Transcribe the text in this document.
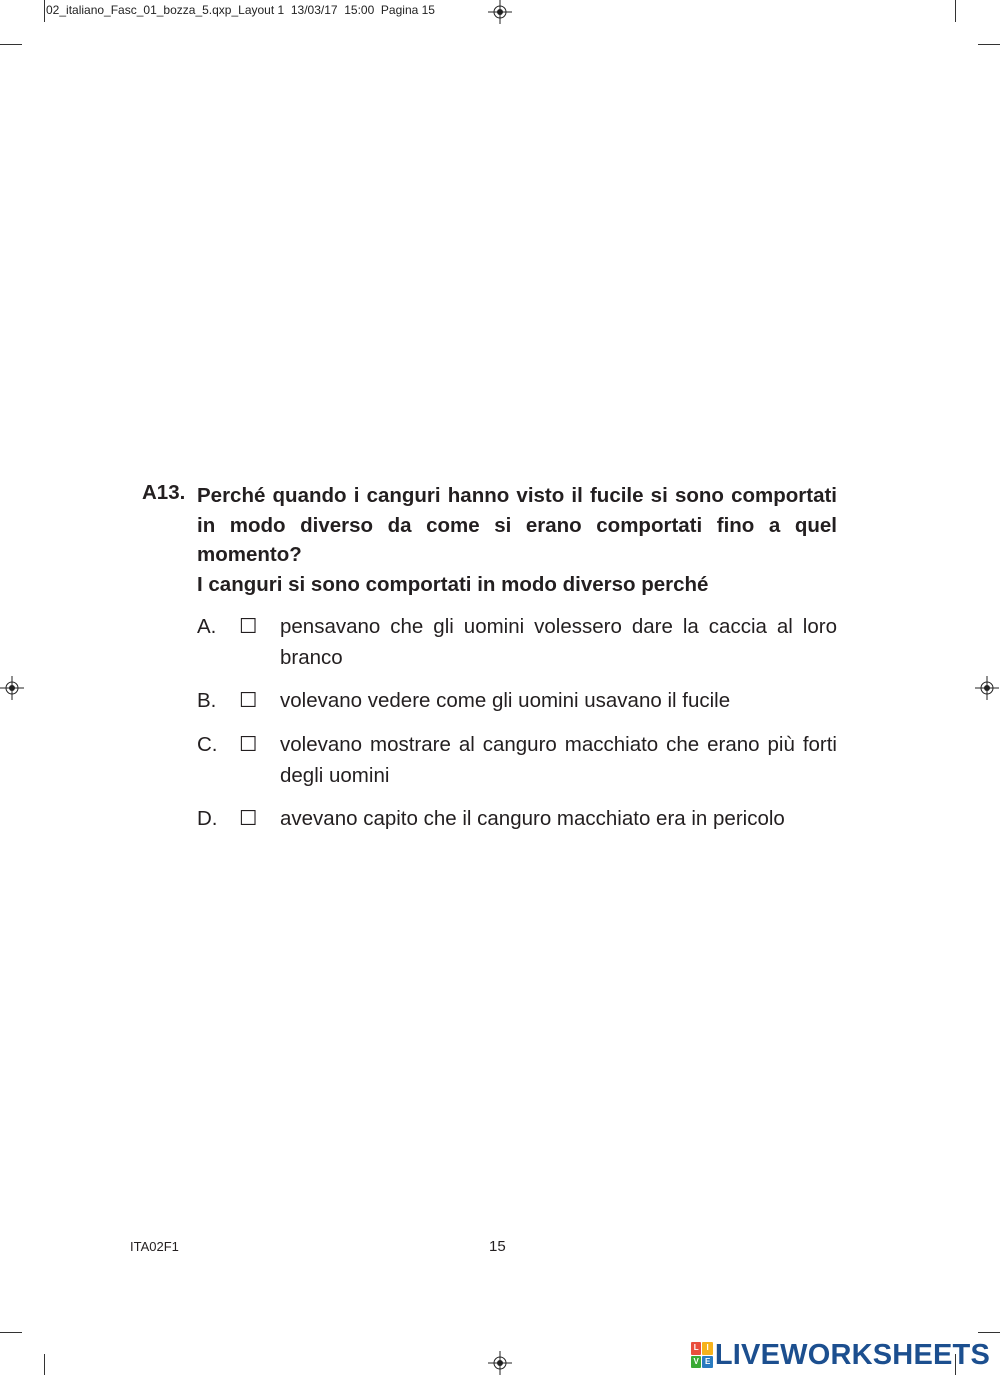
02_italiano_Fasc_01_bozza_5.qxp_Layout 1  13/03/17  15:00  Pagina 15
A13. Perché quando i canguri hanno visto il fucile si sono comportati in modo diverso da come si erano comportati fino a quel momento?

I canguri si sono comportati in modo diverso perché

A. ☐ pensavano che gli uomini volessero dare la caccia al loro branco
B. ☐ volevano vedere come gli uomini usavano il fucile
C. ☐ volevano mostrare al canguro macchiato che erano più forti degli uomini
D. ☐ avevano capito che il canguro macchiato era in pericolo
ITA02F1	15
L I
V E LIVEWORKSHEETS
